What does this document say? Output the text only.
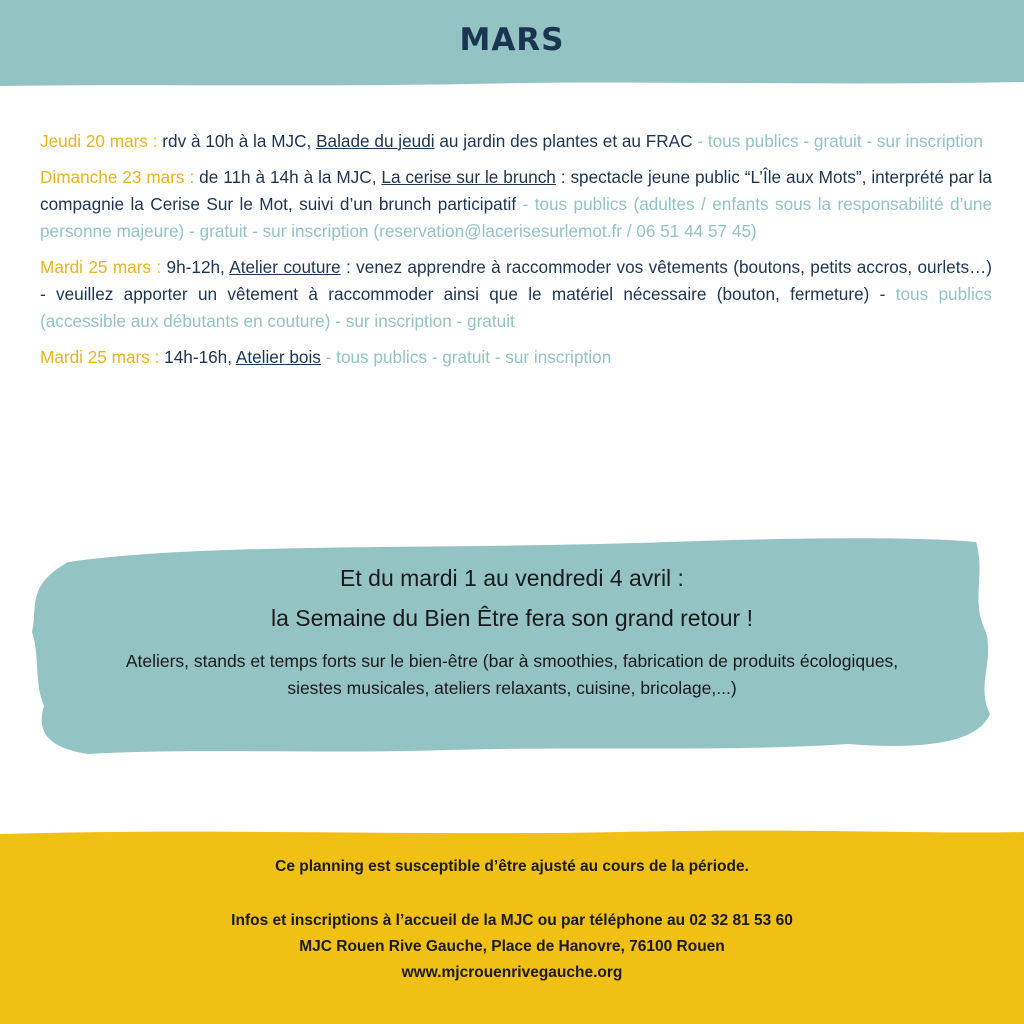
MARS

Jeudi 20 mars : rdv à 10h à la MJC, Balade du jeudi au jardin des plantes et au FRAC - tous publics - gratuit - sur inscription

Dimanche 23 mars : de 11h à 14h à la MJC, La cerise sur le brunch : spectacle jeune public “L’Île aux Mots”, interprété par la compagnie la Cerise Sur le Mot, suivi d’un brunch participatif - tous publics (adultes / enfants sous la responsabilité d’une personne majeure) - gratuit - sur inscription (reservation@lacerisesurlemot.fr / 06 51 44 57 45)

Mardi 25 mars : 9h-12h, Atelier couture : venez apprendre à raccommoder vos vêtements (boutons, petits accros, ourlets…) - veuillez apporter un vêtement à raccommoder ainsi que le matériel nécessaire (bouton, fermeture) - tous publics (accessible aux débutants en couture) - sur inscription - gratuit

Mardi 25 mars : 14h-16h, Atelier bois - tous publics - gratuit - sur inscription

Et du mardi 1 au vendredi 4 avril :
la Semaine du Bien Être fera son grand retour !
Ateliers, stands et temps forts sur le bien-être (bar à smoothies, fabrication de produits écologiques, siestes musicales, ateliers relaxants, cuisine, bricolage,...)
Ce planning est susceptible d’être ajusté au cours de la période.
Infos et inscriptions à l’accueil de la MJC ou par téléphone au 02 32 81 53 60
MJC Rouen Rive Gauche, Place de Hanovre, 76100 Rouen
www.mjcrouenrivegauche.org
